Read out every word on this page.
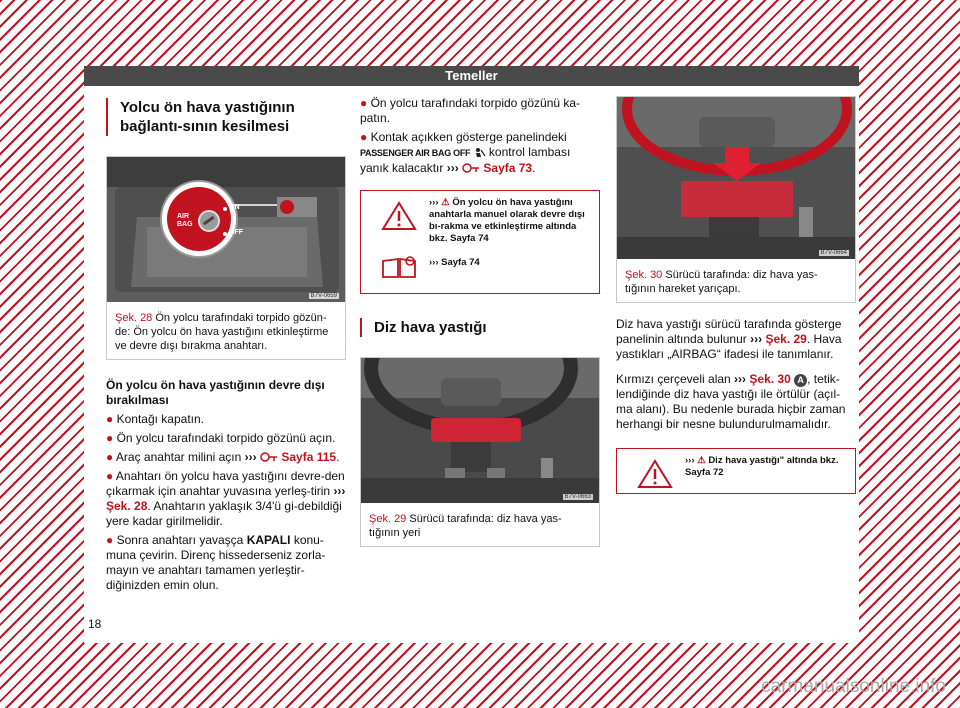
Temeller
Yolcu ön hava yastığının bağlantı-sının kesilmesi
AIR BAG
ON
OFF
B7V-0659
Şek. 28 Ön yolcu tarafındaki torpido gözün-de: Ön yolcu ön hava yastığını etkinleştirme ve devre dışı bırakma anahtarı.
Ön yolcu ön hava yastığının devre dışı bırakılması
● Kontağı kapatın.
● Ön yolcu tarafındaki torpido gözünü açın.
● Araç anahtar milini açın ››› Sayfa 115.
● Anahtarı ön yolcu hava yastığını devre-den çıkarmak için anahtar yuvasına yerleş-tirin ››› Şek. 28. Anahtarın yaklaşık 3/4'ü gi-debildiği yere kadar girilmelidir.
● Sonra anahtarı yavaşça KAPALI konu-muna çevirin. Direnç hissederseniz zorla-mayın ve anahtarı tamamen yerleştir-diğinizden emin olun.
● Ön yolcu tarafındaki torpido gözünü ka-patın.
● Kontak açıkken gösterge panelindeki PASSENGER AIR BAG OFF kontrol lambası yanık kalacaktır ››› Sayfa 73.
››› ⚠ Ön yolcu ön hava yastığını anahtarla manuel olarak devre dışı bı-rakma ve etkinleştirme altında bkz. Sayfa 74
››› Sayfa 74
Diz hava yastığı
B7V-0663
Şek. 29 Sürücü tarafında: diz hava yas-tığının yeri
B7V-0664
Şek. 30 Sürücü tarafında: diz hava yas-tığının hareket yarıçapı.
Diz hava yastığı sürücü tarafında gösterge panelinin altında bulunur ››› Şek. 29. Hava yastıkları „AIRBAG“ ifadesi ile tanımlanır.
Kırmızı çerçeveli alan ››› Şek. 30 A , tetik-lendiğinde diz hava yastığı ile örtülür (açıl-ma alanı). Bu nedenle burada hiçbir zaman herhangi bir nesne bulundurulmamalıdır.
››› ⚠ Diz hava yastığı" altında bkz. Sayfa 72
18
carmanualsonline.info
